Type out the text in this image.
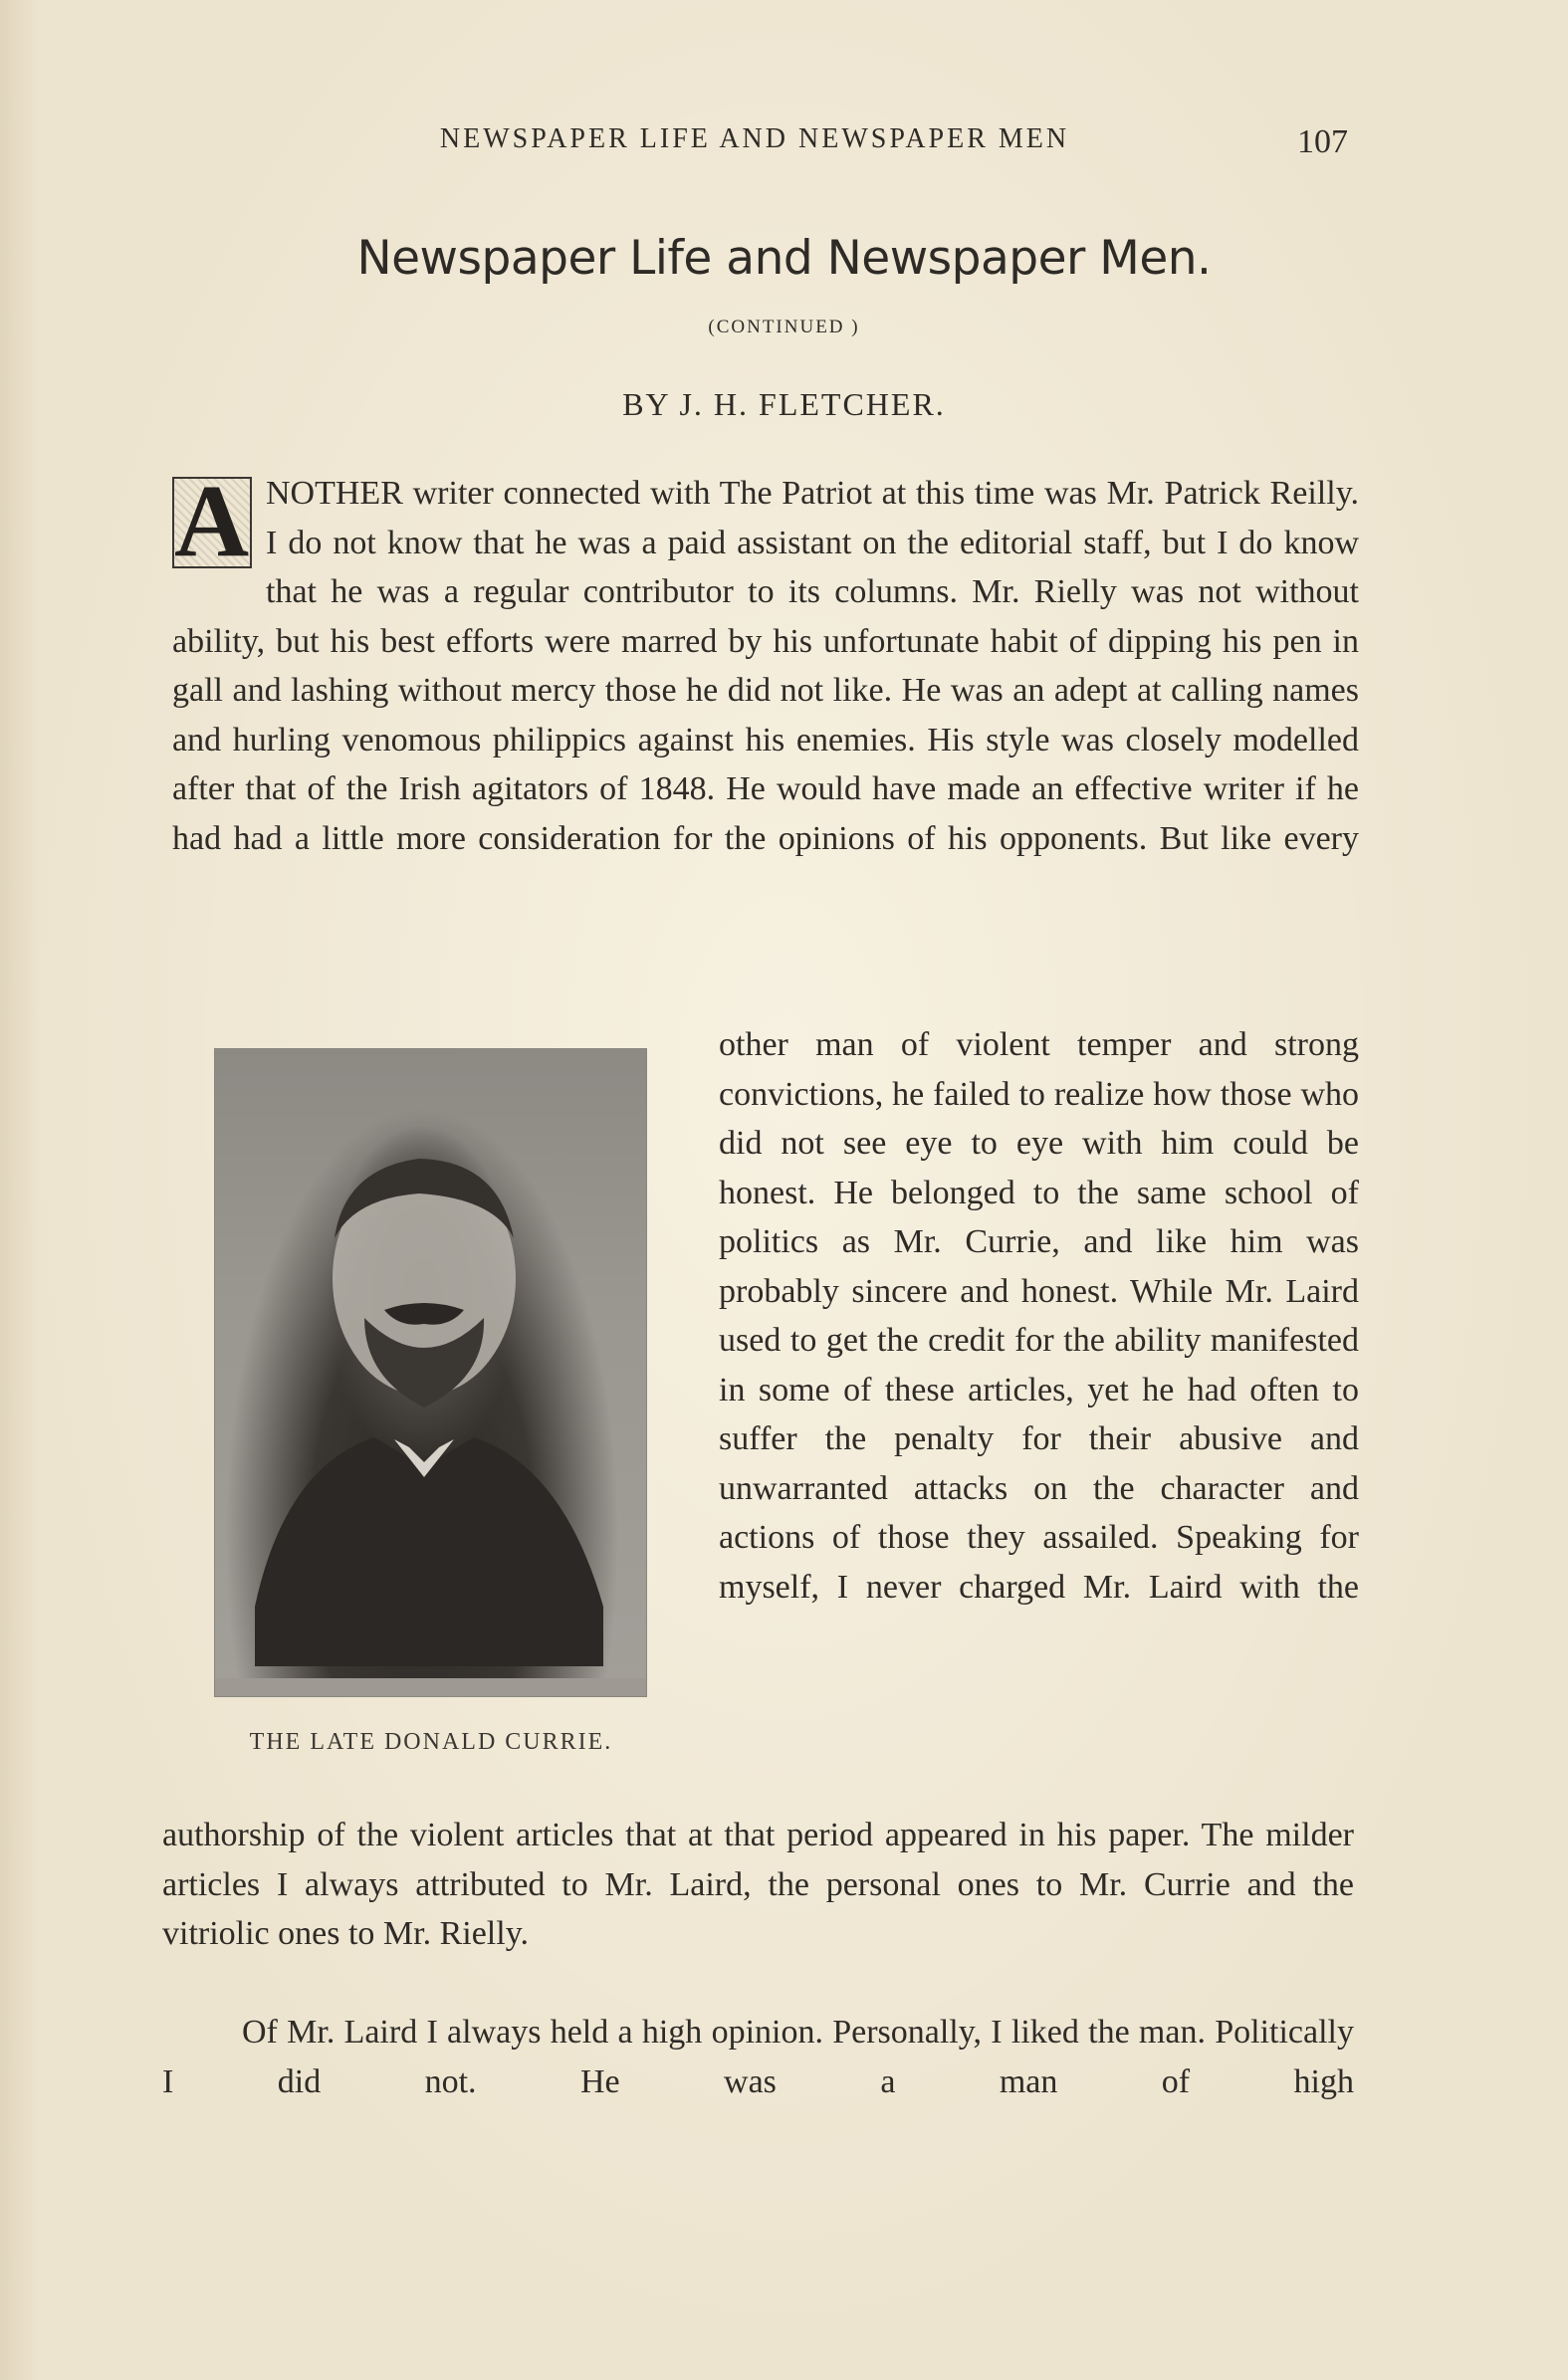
NEWSPAPER LIFE AND NEWSPAPER MEN	107
Newspaper Life and Newspaper Men.
(CONTINUED )
BY J. H. FLETCHER.

A NOTHER writer connected with The Patriot at this time was Mr. Patrick Reilly. I do not know that he was a paid assistant on the editorial staff, but I do know that he was a regular contributor to its columns. Mr. Rielly was not without ability, but his best efforts were marred by his unfortunate habit of dipping his pen in gall and lashing without mercy those he did not like. He was an adept at calling names and hurling venomous philippics against his enemies. His style was closely modelled after that of the Irish agitators of 1848. He would have made an effective writer if he had had a little more consideration for the opinions of his opponents. But like every

THE LATE DONALD CURRIE.

other man of violent temper and strong convictions, he failed to realize how those who did not see eye to eye with him could be honest. He belonged to the same school of politics as Mr. Currie, and like him was probably sincere and honest. While Mr. Laird used to get the credit for the ability manifested in some of these articles, yet he had often to suffer the penalty for their abusive and unwarranted attacks on the character and actions of those they assailed. Speaking for myself, I never charged Mr. Laird with the

authorship of the violent articles that at that period appeared in his paper. The milder articles I always attributed to Mr. Laird, the personal ones to Mr. Currie and the vitriolic ones to Mr. Rielly.

Of Mr. Laird I always held a high opinion. Personally, I liked the man. Politically I did not. He was a man of high
